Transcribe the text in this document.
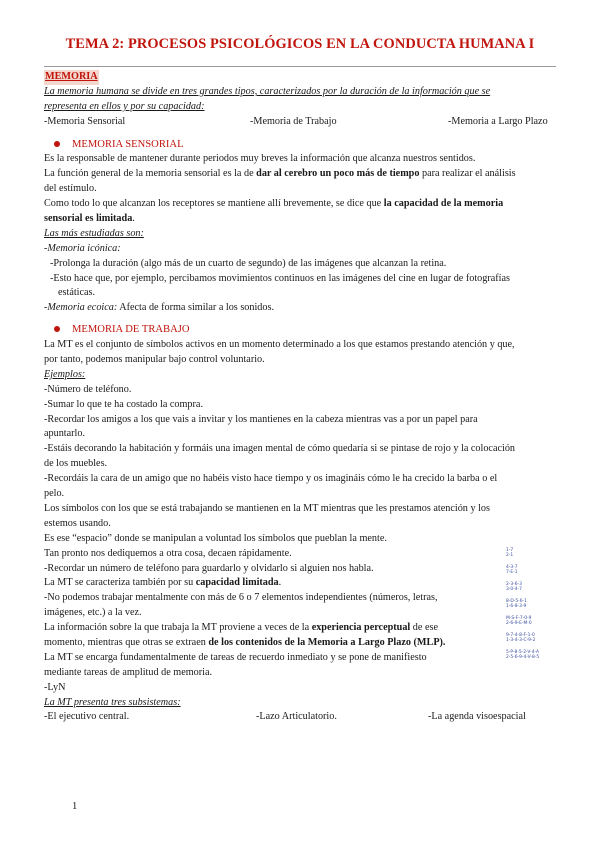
TEMA 2: PROCESOS PSICOLÓGICOS EN LA CONDUCTA HUMANA I
MEMORIA
La memoria humana se divide en tres grandes tipos, caracterizados por la duración de la información que se
representa en ellos y por su capacidad:
-Memoria Sensorial	-Memoria de Trabajo	-Memoria a Largo Plazo
MEMORIA SENSORIAL
Es la responsable de mantener durante periodos muy breves la información que alcanza nuestros sentidos.
La función general de la memoria sensorial es la de dar al cerebro un poco más de tiempo para realizar el análisis
del estímulo.
Como todo lo que alcanzan los receptores se mantiene allí brevemente, se dice que la capacidad de la memoria
sensorial es limitada.
Las más estudiadas son:
-Memoria icónica:
-Prolonga la duración (algo más de un cuarto de segundo) de las imágenes que alcanzan la retina.
-Esto hace que, por ejemplo, percibamos movimientos continuos en las imágenes del cine en lugar de fotografías
estáticas.
-Memoria ecoica: Afecta de forma similar a los sonidos.
MEMORIA DE TRABAJO
La MT es el conjunto de símbolos activos en un momento determinado a los que estamos prestando atención y que,
por tanto, podemos manipular bajo control voluntario.
Ejemplos:
-Número de teléfono.
-Sumar lo que te ha costado la compra.
-Recordar los amigos a los que vais a invitar y los mantienes en la cabeza mientras vas a por un papel para
apuntarlo.
-Estáis decorando la habitación y formáis una imagen mental de cómo quedaría si se pintase de rojo y la colocación
de los muebles.
-Recordáis la cara de un amigo que no habéis visto hace tiempo y os imagináis cómo le ha crecido la barba o el
pelo.
Los símbolos con los que se está trabajando se mantienen en la MT mientras que les prestamos atención y los
estemos usando.
Es ese “espacio” donde se manipulan a voluntad los símbolos que pueblan la mente.
Tan pronto nos dediquemos a otra cosa, decaen rápidamente.
-Recordar un número de teléfono para guardarlo y olvidarlo si alguien nos habla.
La MT se caracteriza también por su capacidad limitada.
-No podemos trabajar mentalmente con más de 6 o 7 elementos independientes (números, letras,
imágenes, etc.) a la vez.
La información sobre la que trabaja la MT proviene a veces de la experiencia perceptual de ese
momento, mientras que otras se extraen de los contenidos de la Memoria a Largo Plazo (MLP).
La MT se encarga fundamentalmente de tareas de recuerdo inmediato y se pone de manifiesto
mediante tareas de amplitud de memoria.
-LyN
La MT presenta tres subsistemas:
-El ejecutivo central.	-Lazo Articulatorio.	-La agenda visoespacial
1-7
2-1
4-3-7
7-E-1
2-3-6-3
3-0-4-7
8-D-5-6-1
1-6-8-3-9
M-S-F-7-0-9
2-6-9-E-M-0
9-7-4-8-F-1-0
1-3-4-3-C-9-2
5-P-8-5-2-V-4-A
2-5-6-9-4-V-8-5
1
